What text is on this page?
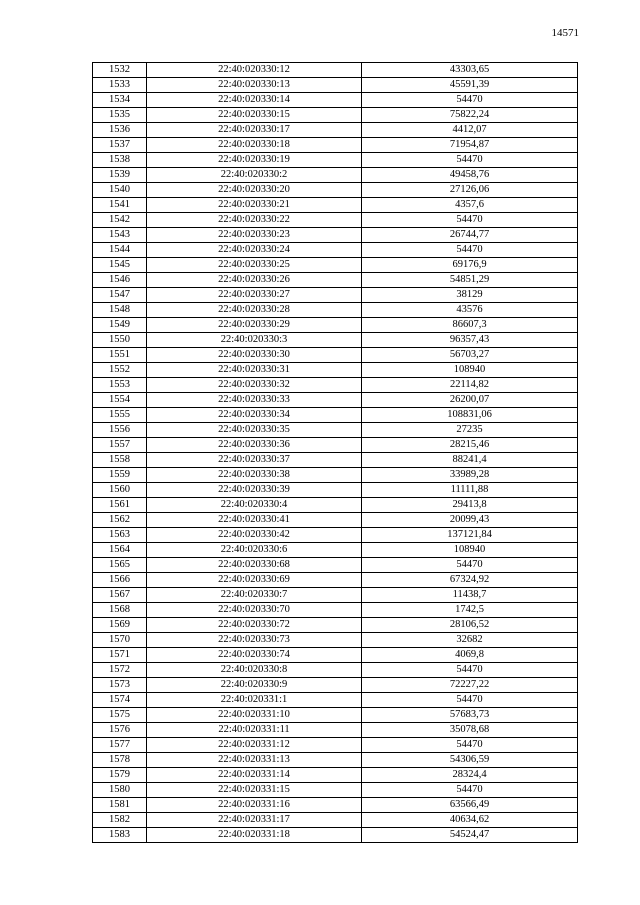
14571
1532	22:40:020330:12	43303,65
1533	22:40:020330:13	45591,39
1534	22:40:020330:14	54470
1535	22:40:020330:15	75822,24
1536	22:40:020330:17	4412,07
1537	22:40:020330:18	71954,87
1538	22:40:020330:19	54470
1539	22:40:020330:2	49458,76
1540	22:40:020330:20	27126,06
1541	22:40:020330:21	4357,6
1542	22:40:020330:22	54470
1543	22:40:020330:23	26744,77
1544	22:40:020330:24	54470
1545	22:40:020330:25	69176,9
1546	22:40:020330:26	54851,29
1547	22:40:020330:27	38129
1548	22:40:020330:28	43576
1549	22:40:020330:29	86607,3
1550	22:40:020330:3	96357,43
1551	22:40:020330:30	56703,27
1552	22:40:020330:31	108940
1553	22:40:020330:32	22114,82
1554	22:40:020330:33	26200,07
1555	22:40:020330:34	108831,06
1556	22:40:020330:35	27235
1557	22:40:020330:36	28215,46
1558	22:40:020330:37	88241,4
1559	22:40:020330:38	33989,28
1560	22:40:020330:39	11111,88
1561	22:40:020330:4	29413,8
1562	22:40:020330:41	20099,43
1563	22:40:020330:42	137121,84
1564	22:40:020330:6	108940
1565	22:40:020330:68	54470
1566	22:40:020330:69	67324,92
1567	22:40:020330:7	11438,7
1568	22:40:020330:70	1742,5
1569	22:40:020330:72	28106,52
1570	22:40:020330:73	32682
1571	22:40:020330:74	4069,8
1572	22:40:020330:8	54470
1573	22:40:020330:9	72227,22
1574	22:40:020331:1	54470
1575	22:40:020331:10	57683,73
1576	22:40:020331:11	35078,68
1577	22:40:020331:12	54470
1578	22:40:020331:13	54306,59
1579	22:40:020331:14	28324,4
1580	22:40:020331:15	54470
1581	22:40:020331:16	63566,49
1582	22:40:020331:17	40634,62
1583	22:40:020331:18	54524,47
